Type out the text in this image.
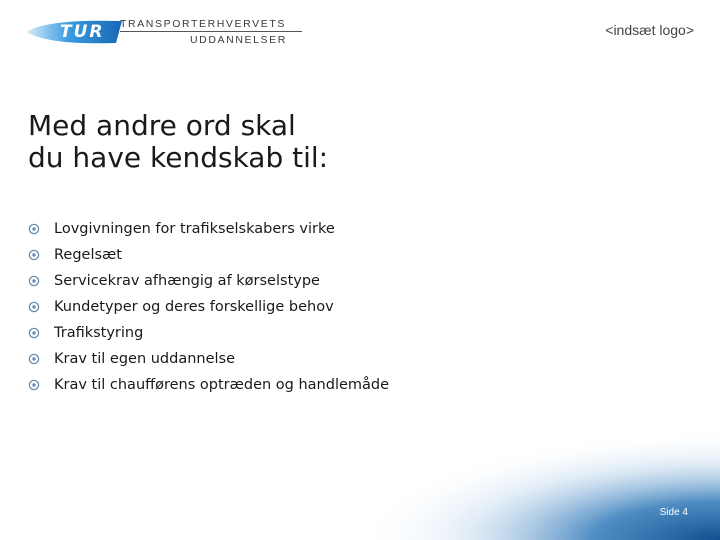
TUR TRANSPORTERHVERVETS
UDDANNELSER
<indsæt logo>
Med andre ord skal
du have kendskab til:
Lovgivningen for trafikselskabers virke
Regelsæt
Servicekrav afhængig af kørselstype
Kundetyper og deres forskellige behov
Trafikstyring
Krav til egen uddannelse
Krav til chaufførens optræden og handlemåde
Side 4
